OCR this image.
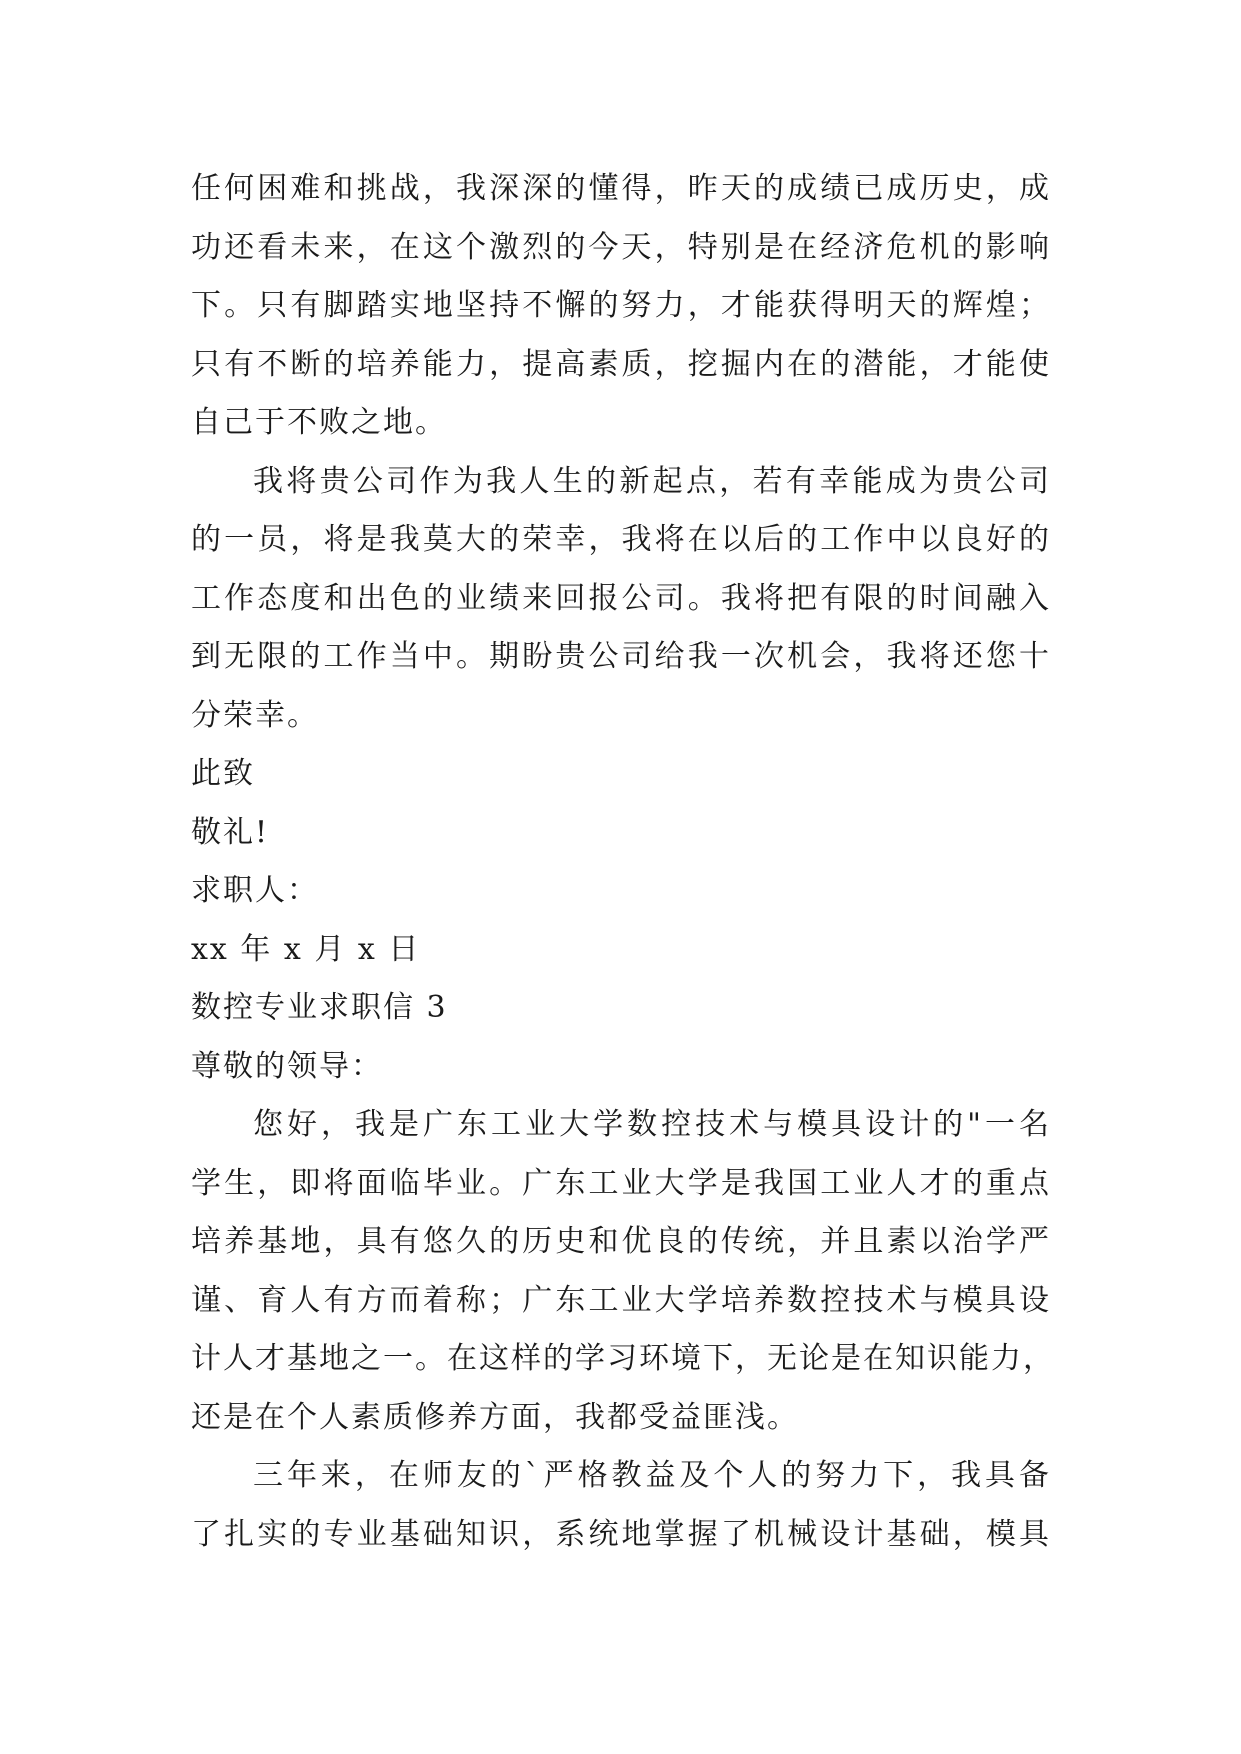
任何困难和挑战，我深深的懂得，昨天的成绩已成历史，成
功还看未来，在这个激烈的今天，特别是在经济危机的影响
下。只有脚踏实地坚持不懈的努力，才能获得明天的辉煌；
只有不断的培养能力，提高素质，挖掘内在的潜能，才能使
自己于不败之地。

我将贵公司作为我人生的新起点，若有幸能成为贵公司
的一员，将是我莫大的荣幸，我将在以后的工作中以良好的
工作态度和出色的业绩来回报公司。我将把有限的时间融入
到无限的工作当中。期盼贵公司给我一次机会，我将还您十
分荣幸。

此致

敬礼!

求职人：

xx 年 x 月 x 日

数控专业求职信 3

尊敬的领导：

您好，我是广东工业大学数控技术与模具设计的"一名
学生，即将面临毕业。广东工业大学是我国工业人才的重点
培养基地，具有悠久的历史和优良的传统，并且素以治学严
谨、育人有方而着称；广东工业大学培养数控技术与模具设
计人才基地之一。在这样的学习环境下，无论是在知识能力，
还是在个人素质修养方面，我都受益匪浅。

三年来，在师友的`严格教益及个人的努力下，我具备
了扎实的专业基础知识，系统地掌握了机械设计基础，模具
